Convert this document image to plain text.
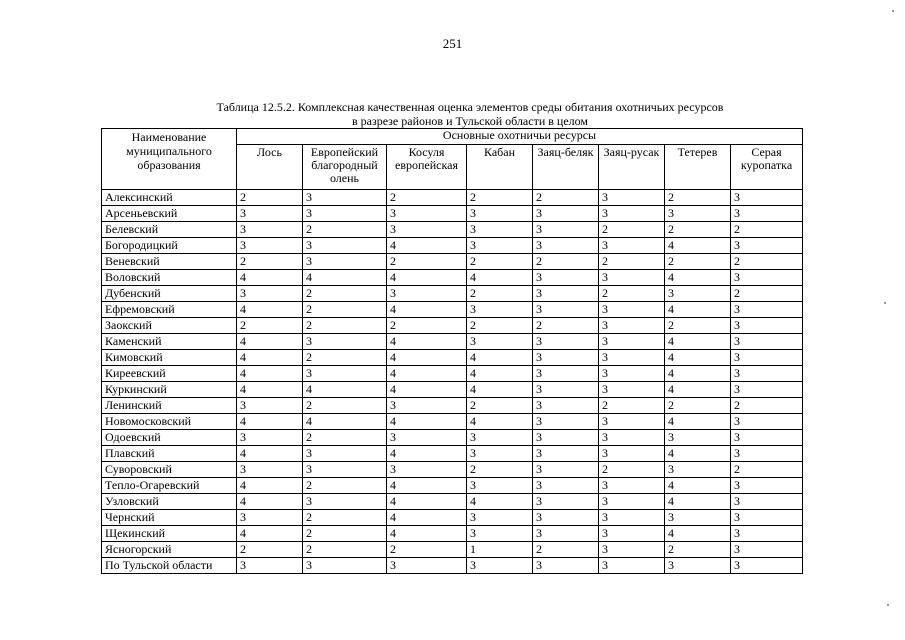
251
Таблица 12.5.2. Комплексная качественная оценка элементов среды обитания охотничьих ресурсов
в разрезе районов и Тульской области в целом
Наименование муниципального образования	Основные охотничьи ресурсы							
	Лось	Европейский благородный олень	Косуля европейская	Кабан	Заяц-беляк	Заяц-русак	Тетерев	Серая куропатка
Алексинский	2	3	2	2	2	3	2	3
Арсеньевский	3	3	3	3	3	3	3	3
Белевский	3	2	3	3	3	2	2	2
Богородицкий	3	3	4	3	3	3	4	3
Веневский	2	3	2	2	2	2	2	2
Воловский	4	4	4	4	3	3	4	3
Дубенский	3	2	3	2	3	2	3	2
Ефремовский	4	2	4	3	3	3	4	3
Заокский	2	2	2	2	2	3	2	3
Каменский	4	3	4	3	3	3	4	3
Кимовский	4	2	4	4	3	3	4	3
Киреевский	4	3	4	4	3	3	4	3
Куркинский	4	4	4	4	3	3	4	3
Ленинский	3	2	3	2	3	2	2	2
Новомосковский	4	4	4	4	3	3	4	3
Одоевский	3	2	3	3	3	3	3	3
Плавский	4	3	4	3	3	3	4	3
Суворовский	3	3	3	2	3	2	3	2
Тепло-Огаревский	4	2	4	3	3	3	4	3
Узловский	4	3	4	4	3	3	4	3
Чернский	3	2	4	3	3	3	3	3
Щекинский	4	2	4	3	3	3	4	3
Ясногорский	2	2	2	1	2	3	2	3
По Тульской области	3	3	3	3	3	3	3	3
